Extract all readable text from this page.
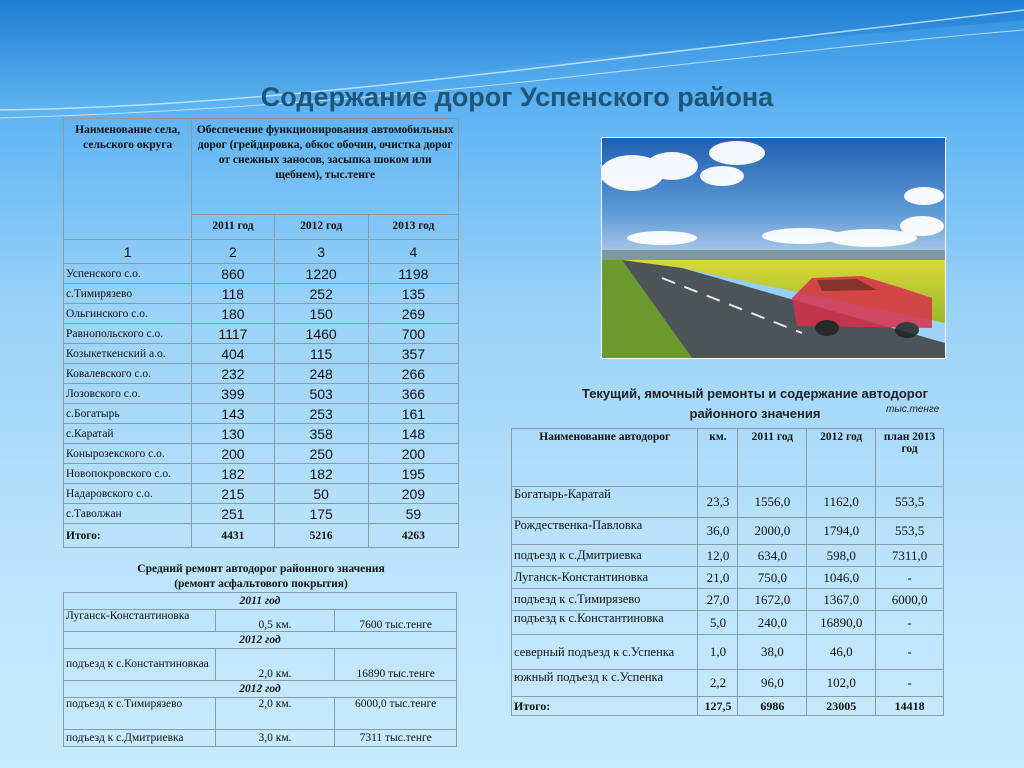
Содержание дорог Успенского района
Наименование села, сельского округа	Обеспечение функционирования автомобильных дорог (грейдировка, обкос обочин, очистка дорог от снежных заносов, засыпка шоком или щебнем), тыс.тенге		
	2011 год	2012 год	2013 год
1	2	3	4
Успенского с.о.	860	1220	1198
с.Тимирязево	118	252	135
Ольгинского с.о.	180	150	269
Равнопольского с.о.	1117	1460	700
Козыкеткенский а.о.	404	115	357
Ковалевского с.о.	232	248	266
Лозовского с.о.	399	503	366
с.Богатырь	143	253	161
с.Каратай	130	358	148
Конырозекского с.о.	200	250	200
Новопокровского с.о.	182	182	195
Надаровского с.о.	215	50	209
с.Таволжан	251	175	59
Итого:	4431	5216	4263
Средний ремонт автодорог районного значения
(ремонт асфальтового покрытия)
2011 год		
Луганск-Константиновка	0,5 км.	7600 тыс.тенге
2012 год		
подъезд к с.Константиновкаа	2,0 км.	16890 тыс.тенге
2012 год		
подъезд к с.Тимирязево	2,0 км.	6000,0 тыс.тенге
подъезд к с.Дмитриевка	3,0 км.	7311 тыс.тенге
Текущий, ямочный ремонты и содержание автодорог
районного значения	тыс.тенге
Наименование автодорог	км.	2011 год	2012 год	план 2013 год
Богатырь-Каратай	23,3	1556,0	1162,0	553,5
Рождественка-Павловка	36,0	2000,0	1794,0	553,5
подъезд к с.Дмитриевка	12,0	634,0	598,0	7311,0
Луганск-Константиновка	21,0	750,0	1046,0	-
подъезд к с.Тимирязево	27,0	1672,0	1367,0	6000,0
подъезд к с.Константиновка	5,0	240,0	16890,0	-
северный подъезд к с.Успенка	1,0	38,0	46,0	-
южный подъезд к с.Успенка	2,2	96,0	102,0	-
Итого:	127,5	6986	23005	14418
